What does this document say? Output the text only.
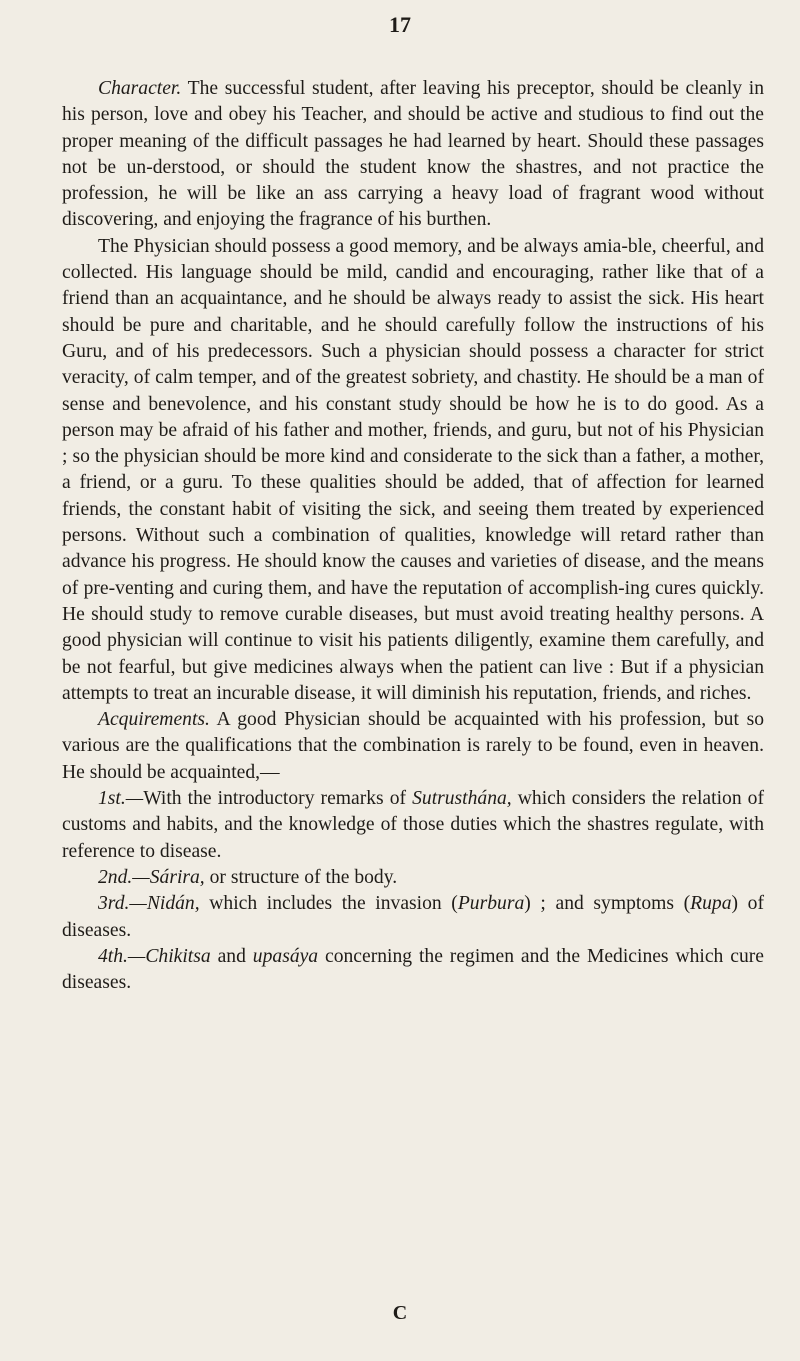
17

Character. The successful student, after leaving his preceptor, should be cleanly in his person, love and obey his Teacher, and should be active and studious to find out the proper meaning of the difficult passages he had learned by heart. Should these passages not be un-derstood, or should the student know the shastres, and not practice the profession, he will be like an ass carrying a heavy load of fragrant wood without discovering, and enjoying the fragrance of his burthen.

The Physician should possess a good memory, and be always amia-ble, cheerful, and collected. His language should be mild, candid and encouraging, rather like that of a friend than an acquaintance, and he should be always ready to assist the sick. His heart should be pure and charitable, and he should carefully follow the instructions of his Guru, and of his predecessors. Such a physician should possess a character for strict veracity, of calm temper, and of the greatest sobriety, and chastity. He should be a man of sense and benevolence, and his constant study should be how he is to do good. As a person may be afraid of his father and mother, friends, and guru, but not of his Physician ; so the physician should be more kind and considerate to the sick than a father, a mother, a friend, or a guru. To these qualities should be added, that of affection for learned friends, the constant habit of visiting the sick, and seeing them treated by experienced persons. Without such a combination of qualities, knowledge will retard rather than advance his progress. He should know the causes and varieties of disease, and the means of pre-venting and curing them, and have the reputation of accomplish-ing cures quickly. He should study to remove curable diseases, but must avoid treating healthy persons. A good physician will continue to visit his patients diligently, examine them carefully, and be not fearful, but give medicines always when the patient can live : But if a physician attempts to treat an incurable disease, it will diminish his reputation, friends, and riches.

Acquirements. A good Physician should be acquainted with his profession, but so various are the qualifications that the combination is rarely to be found, even in heaven. He should be acquainted,—

1st.—With the introductory remarks of Sutrusthána, which considers the relation of customs and habits, and the knowledge of those duties which the shastres regulate, with reference to disease.

2nd.—Sárira, or structure of the body.

3rd.—Nidán, which includes the invasion (Purbura) ; and symptoms (Rupa) of diseases.

4th.—Chikitsa and upasáya concerning the regimen and the Medicines which cure diseases.

C
